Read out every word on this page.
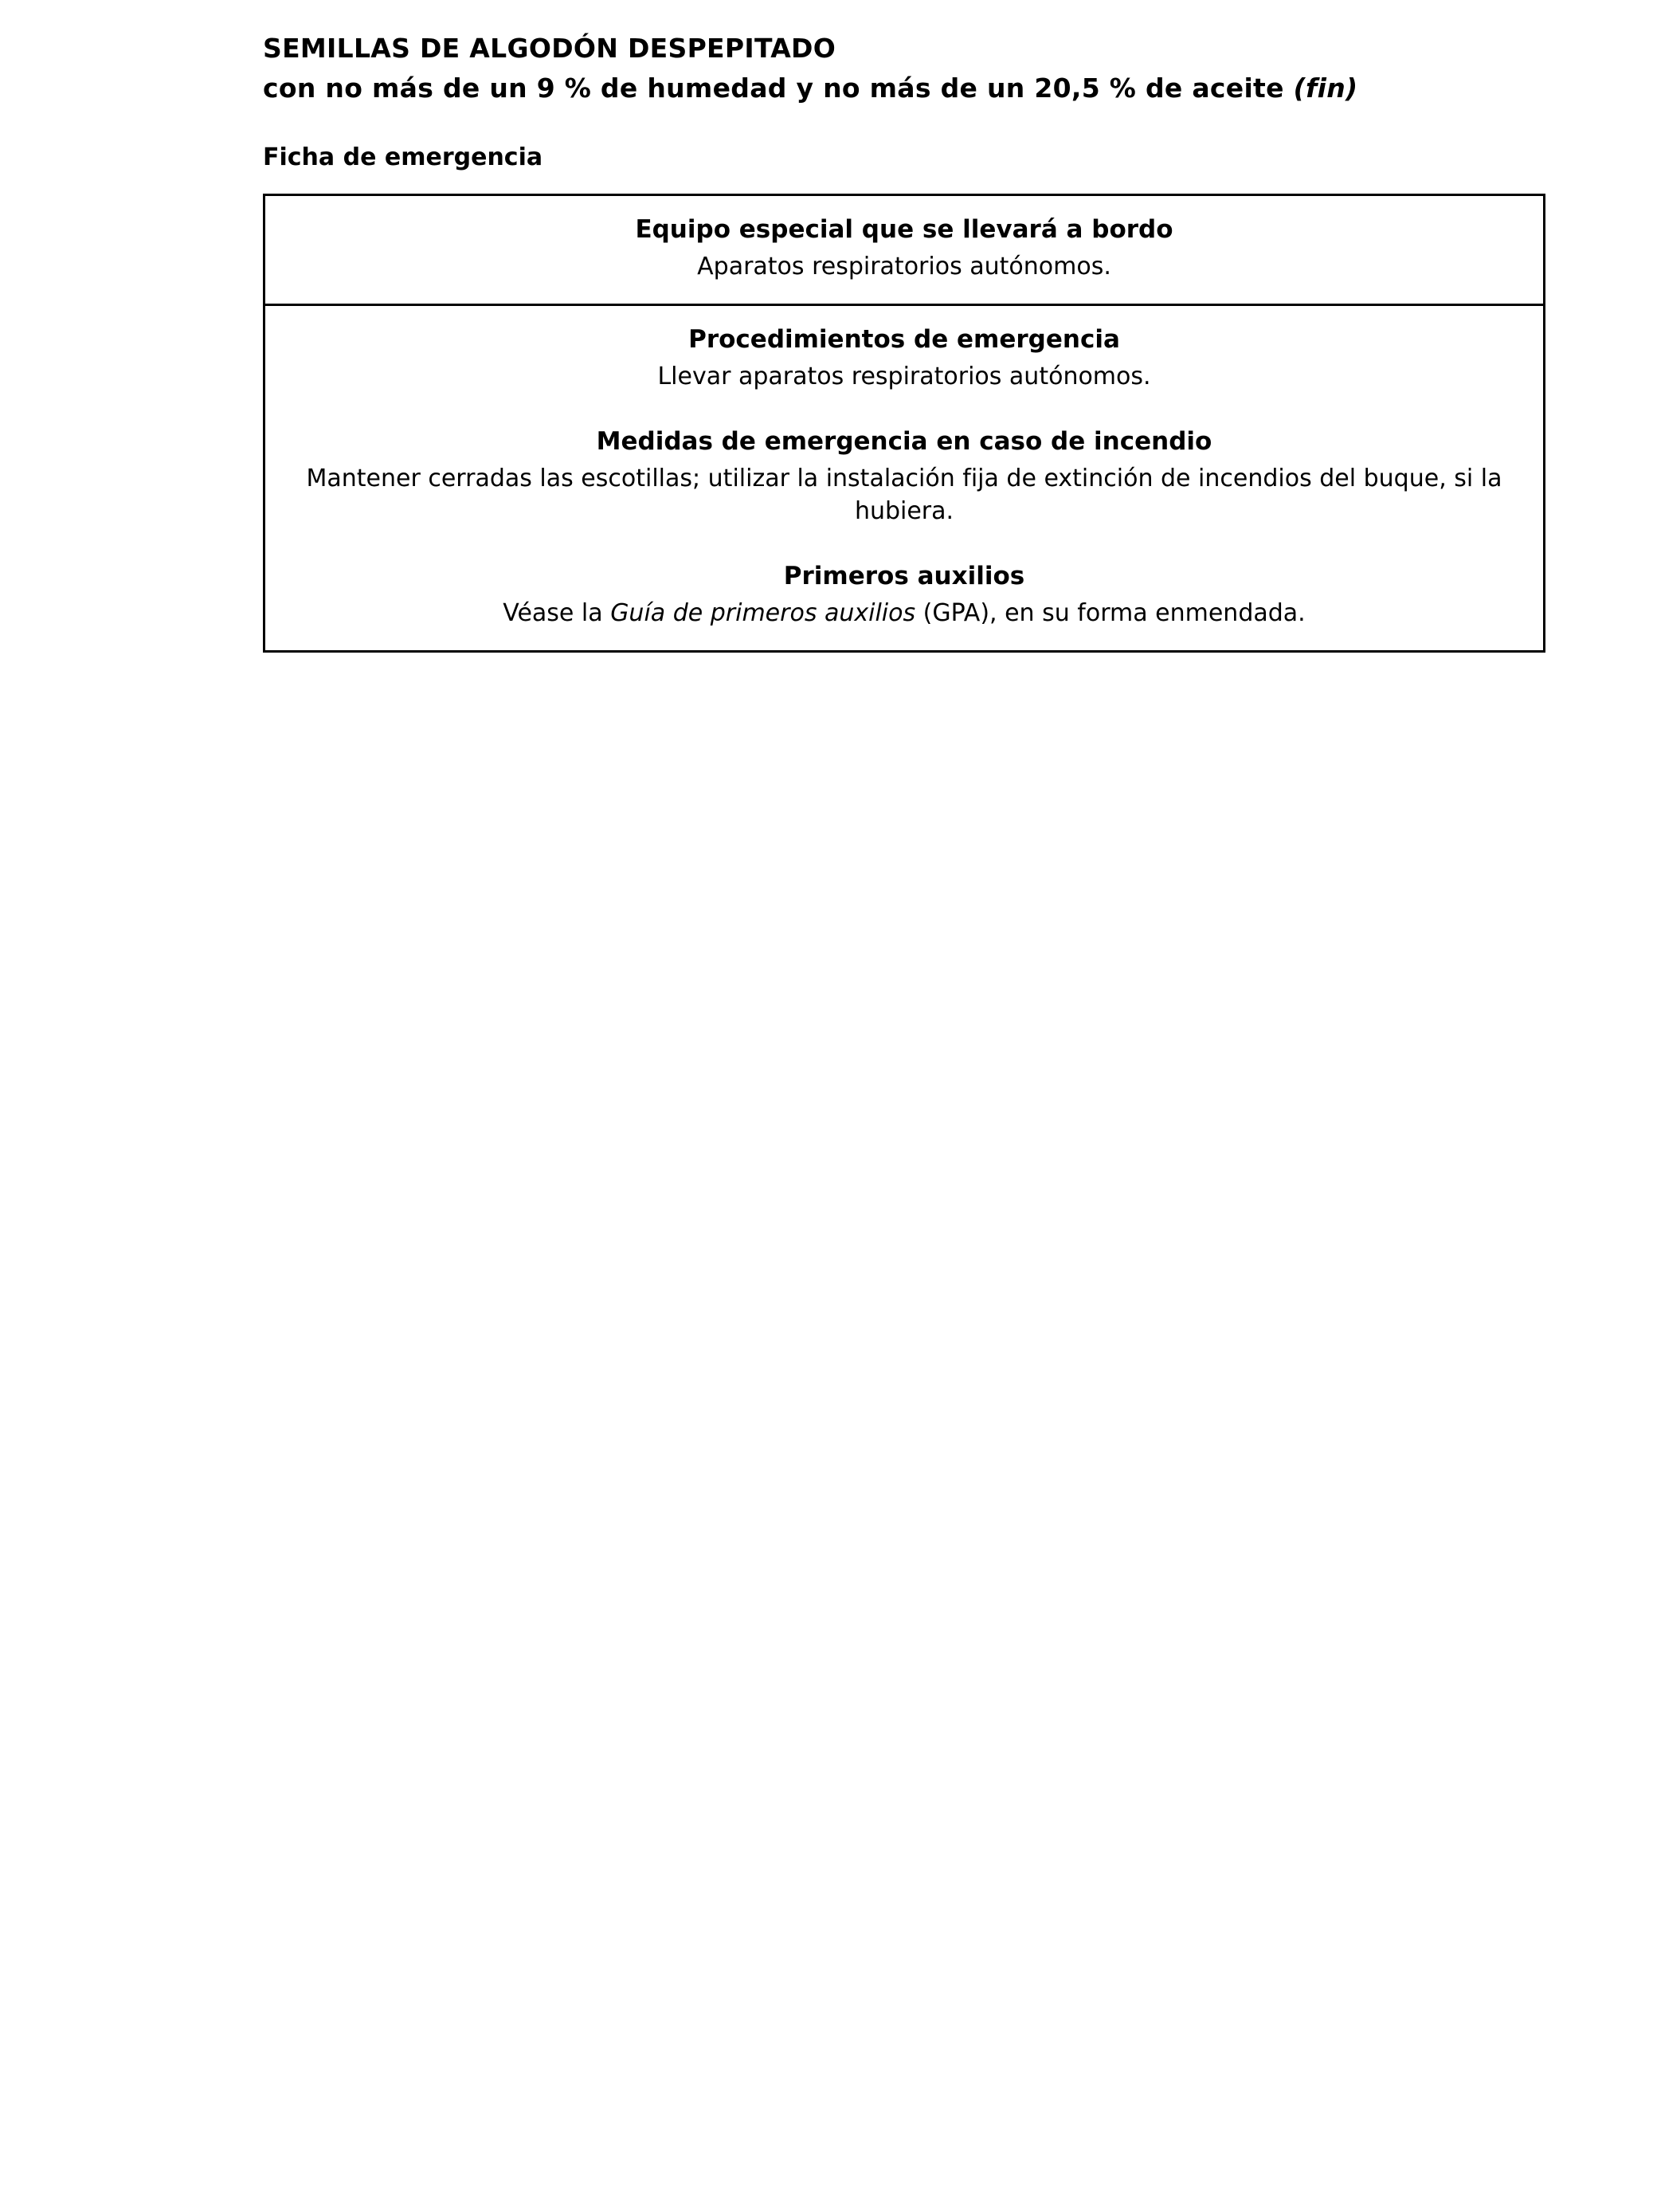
SEMILLAS DE ALGODÓN DESPEPITADO
con no más de un 9 % de humedad y no más de un 20,5 % de aceite (fin)
Ficha de emergencia
Equipo especial que se llevará a bordo
Aparatos respiratorios autónomos.
Procedimientos de emergencia
Llevar aparatos respiratorios autónomos.
Medidas de emergencia en caso de incendio
Mantener cerradas las escotillas; utilizar la instalación fija de extinción de incendios del buque, si la hubiera.
Primeros auxilios
Véase la Guía de primeros auxilios (GPA), en su forma enmendada.
